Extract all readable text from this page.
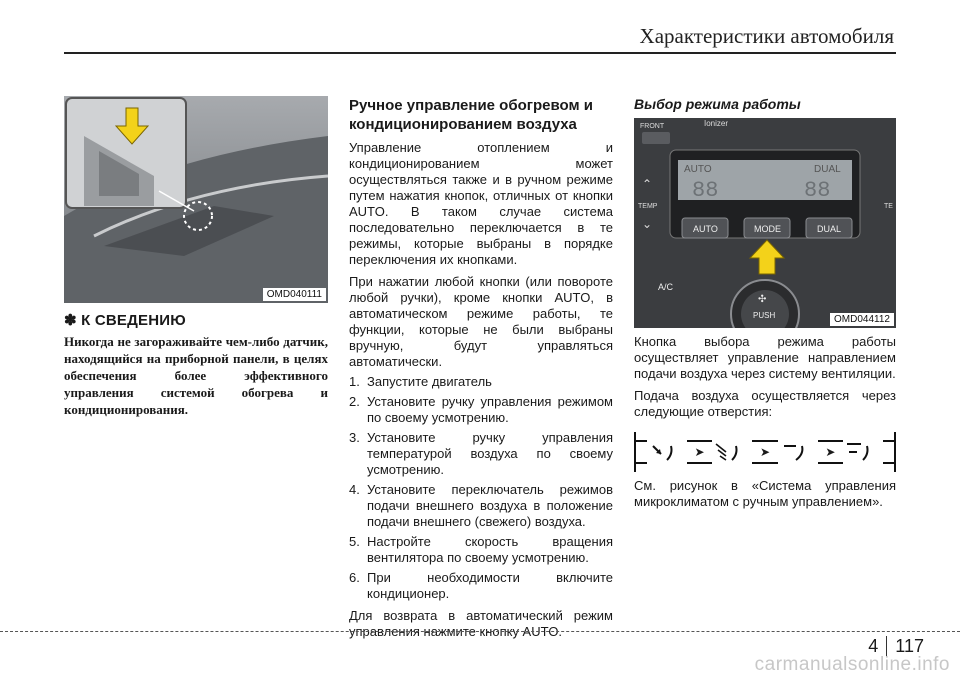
Характеристики автомобиля
OMD040111
✽ К СВЕДЕНИЮ
Никогда не загораживайте чем-либо датчик, находящийся на приборной панели, в целях обеспечения более эффективного управления системой обогрева и кондиционирования.
Ручное управление обогревом и кондиционированием воздуха

Управление отоплением и кондиционированием может осуществляться также и в ручном режиме путем нажатия кнопок, отличных от кнопки AUTO. В таком случае система последовательно переключается в те режимы, которые выбраны в порядке переключения их кнопками.

При нажатии любой кнопки (или повороте любой ручки), кроме кнопки AUTO, в автоматическом режиме работы, те функции, которые не были выбраны вручную, будут управляться автоматически.

1. Запустите двигатель
2. Установите ручку управления режимом по своему усмотрению.
3. Установите ручку управления температурой воздуха по своему усмотрению.
4. Установите переключатель режимов подачи внешнего воздуха в положение подачи внешнего (свежего) воздуха.
5. Настройте скорость вращения вентилятора по своему усмотрению.
6. При необходимости включите кондиционер.

Для возврата в автоматический режим управления нажмите кнопку AUTO.

Выбор режима работы
FRONT	Ionizer
AUTO	DUAL
88	88
AUTO	MODE	DUAL
TEMP	TE
⌃
⌄
A/C
PUSH
✣
OMD044112

Кнопка выбора режима работы осуществляет управление направлением подачи воздуха через систему вентиляции.

Подача воздуха осуществляется через следующие отверстия:

➤	➤	➤

См. рисунок в «Система управления микроклиматом с ручным управлением».

4 117
carmanualsonline.info
